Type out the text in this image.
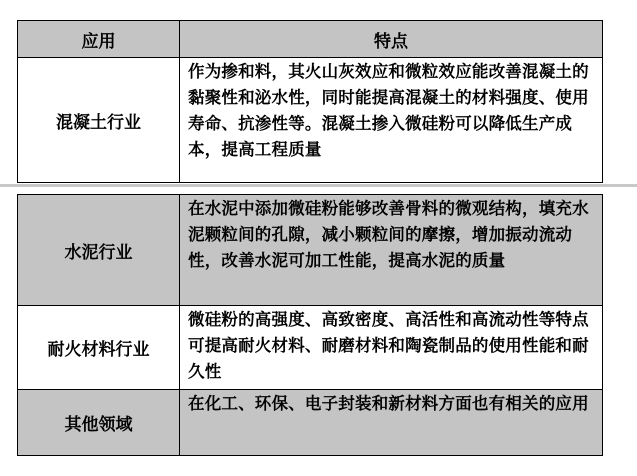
应用	特点
混凝土行业	作为掺和料，其火山灰效应和微粒效应能改善混凝土的黏聚性和泌水性，同时能提高混凝土的材料强度、使用寿命、抗渗性等。混凝土掺入微硅粉可以降低生产成本，提高工程质量
水泥行业	在水泥中添加微硅粉能够改善骨料的微观结构，填充水泥颗粒间的孔隙，减小颗粒间的摩擦，增加振动流动性，改善水泥可加工性能，提高水泥的质量
耐火材料行业	微硅粉的高强度、高致密度、高活性和高流动性等特点可提高耐火材料、耐磨材料和陶瓷制品的使用性能和耐久性
其他领域	在化工、环保、电子封装和新材料方面也有相关的应用
